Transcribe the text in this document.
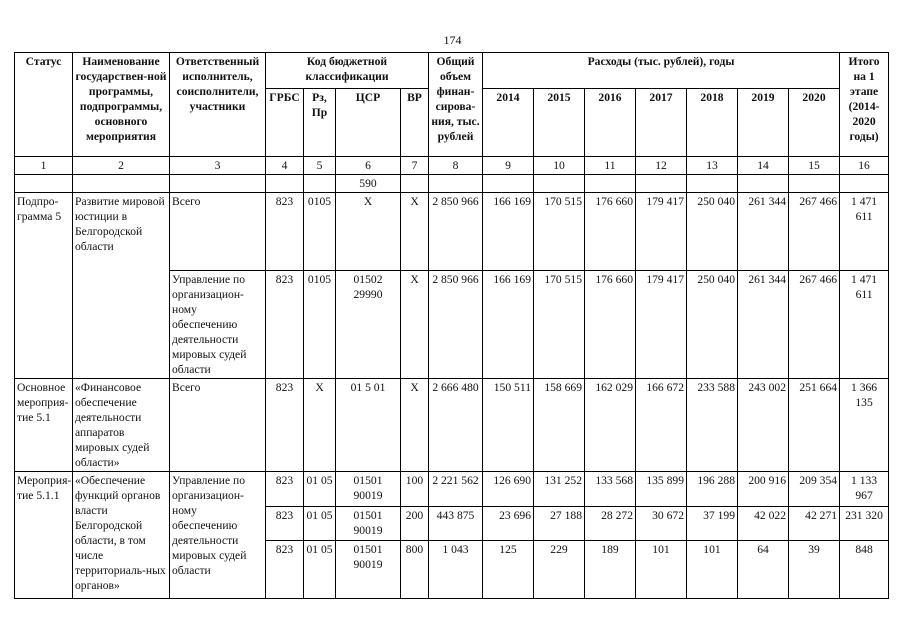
174
Статус	Наименование государствен-ной программы, подпрограммы, основного мероприятия	Ответственный исполнитель, соисполнители, участники	Код бюджетной классификации				Общий объем финан-сирова-ния, тыс. рублей	Расходы (тыс. рублей), годы							Итого на 1 этапе (2014-2020 годы)
			ГРБС	Рз, Пр	ЦСР	ВР		2014	2015	2016	2017	2018	2019	2020	
1	2	3	4	5	6	7	8	9	10	11	12	13	14	15	16
					590										
Подпро-грамма 5	Развитие мировой юстиции в Белгородской области	Всего	823	0105	X	X	2 850 966	166 169	170 515	176 660	179 417	250 040	261 344	267 466	1 471 611
		Управление по организацион-ному обеспечению деятельности мировых судей области	823	0105	01502 29990	X	2 850 966	166 169	170 515	176 660	179 417	250 040	261 344	267 466	1 471 611
Основное мероприя-тие 5.1	«Финансовое обеспечение деятельности аппаратов мировых судей области»	Всего	823	X	01 5 01	X	2 666 480	150 511	158 669	162 029	166 672	233 588	243 002	251 664	1 366 135
Мероприя-тие 5.1.1	«Обеспечение функций органов власти Белгородской области, в том числе территориаль-ных органов»	Управление по организацион-ному обеспечению деятельности мировых судей области	823	01 05	01501 90019	100	2 221 562	126 690	131 252	133 568	135 899	196 288	200 916	209 354	1 133 967
			823	01 05	01501 90019	200	443 875	23 696	27 188	28 272	30 672	37 199	42 022	42 271	231 320
			823	01 05	01501 90019	800	1 043	125	229	189	101	101	64	39	848
